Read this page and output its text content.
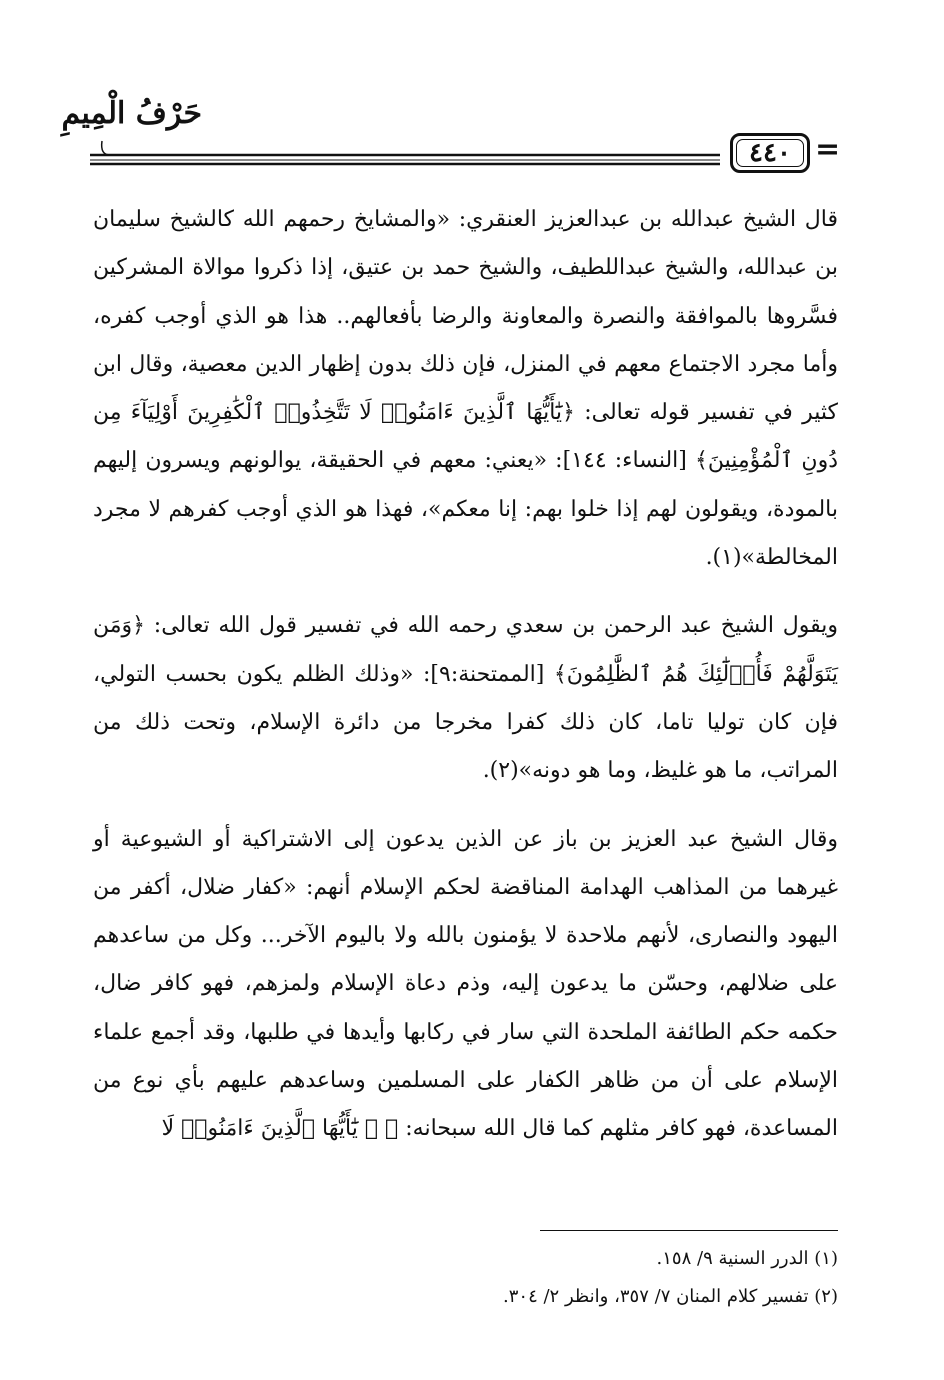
حَرْفُ الْمِيمِ
٤٤٠ =

قال الشيخ عبدالله بن عبدالعزيز العنقري: «والمشايخ رحمهم الله كالشيخ سليمان بن عبدالله، والشيخ عبداللطيف، والشيخ حمد بن عتيق، إذا ذكروا موالاة المشركين فسَّروها بالموافقة والنصرة والمعاونة والرضا بأفعالهم.. هذا هو الذي أوجب كفره، وأما مجرد الاجتماع معهم في المنزل، فإن ذلك بدون إظهار الدين معصية، وقال ابن كثير في تفسير قوله تعالى: ﴿يَٰٓأَيُّهَا ٱلَّذِينَ ءَامَنُوا۟ لَا تَتَّخِذُوا۟ ٱلْكَٰفِرِينَ أَوْلِيَآءَ مِن دُونِ ٱلْمُؤْمِنِينَ﴾ [النساء: ١٤٤]: «يعني: معهم في الحقيقة، يوالونهم ويسرون إليهم بالمودة، ويقولون لهم إذا خلوا بهم: إنا معكم»، فهذا هو الذي أوجب كفرهم لا مجرد المخالطة»(١).

ويقول الشيخ عبد الرحمن بن سعدي رحمه الله في تفسير قول الله تعالى: ﴿وَمَن يَتَوَلَّهُمْ فَأُو۟لَٰٓئِكَ هُمُ ٱلظَّٰلِمُونَ﴾ [الممتحنة:٩]: «وذلك الظلم يكون بحسب التولي، فإن كان توليا تاما، كان ذلك كفرا مخرجا من دائرة الإسلام، وتحت ذلك من المراتب، ما هو غليظ، وما هو دونه»(٢).

وقال الشيخ عبد العزيز بن باز عن الذين يدعون إلى الاشتراكية أو الشيوعية أو غيرهما من المذاهب الهدامة المناقضة لحكم الإسلام أنهم: «كفار ضلال، أكفر من اليهود والنصارى، لأنهم ملاحدة لا يؤمنون بالله ولا باليوم الآخر... وكل من ساعدهم على ضلالهم، وحسّن ما يدعون إليه، وذم دعاة الإسلام ولمزهم، فهو كافر ضال، حكمه حكم الطائفة الملحدة التي سار في ركابها وأيدها في طلبها، وقد أجمع علماء الإسلام على أن من ظاهر الكفار على المسلمين وساعدهم عليهم بأي نوع من المساعدة، فهو كافر مثلهم كما قال الله سبحانه: ﴿ ۞ يَٰٓأَيُّهَا ٱلَّذِينَ ءَامَنُوا۟ لَا

(١) الدرر السنية ٩/ ١٥٨.
(٢) تفسير كلام المنان ٧/ ٣٥٧، وانظر ٢/ ٣٠٤.
